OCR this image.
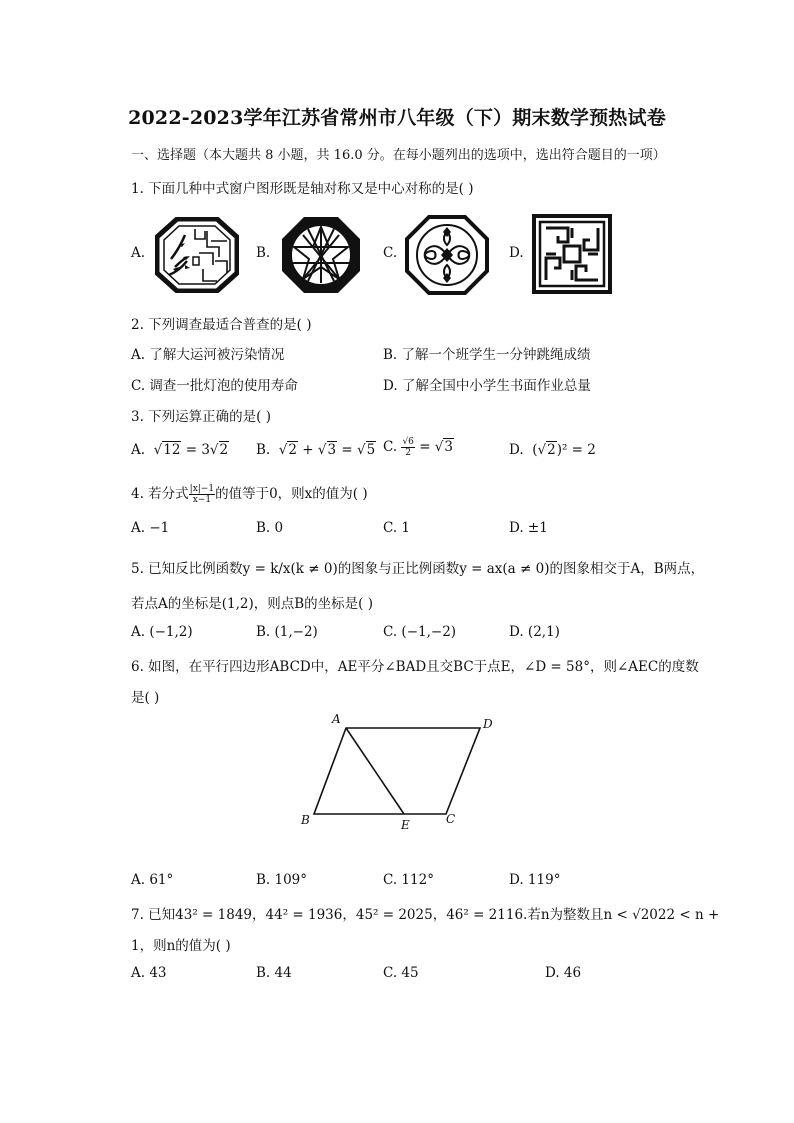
2022-2023学年江苏省常州市八年级（下）期末数学预热试卷
一、选择题（本大题共 8 小题，共 16.0 分。在每小题列出的选项中，选出符合题目的一项）
1. 下面几种中式窗户图形既是轴对称又是中心对称的是( )
A.	B.	C.	D.
2. 下列调查最适合普查的是( )
A. 了解大运河被污染情况	B. 了解一个班学生一分钟跳绳成绩
C. 调查一批灯泡的使用寿命	D. 了解全国中小学生书面作业总量
3. 下列运算正确的是( )
A.  √12 = 3√2 B.  √2 + √3 = √5 C. $\frac{√6}{2} = √3$	D.  (√2)² = 2
4. 若分式 $\frac{|x|-1}{x-1}$ 的值等于0，则x的值为( )
A. −1	B. 0	C. 1	D. ±1
5. 已知反比例函数y = k/x(k ≠ 0)的图象与正比例函数y = ax(a ≠ 0)的图象相交于A，B两点，
若点A的坐标是(1,2)，则点B的坐标是( )
A. (−1,2)	B. (1,−2)	C. (−1,−2)	D. (2,1)
6. 如图，在平行四边形ABCD中，AE平分∠BAD且交BC于点E，∠D = 58°，则∠AEC的度数
是( )
A	D
B	E	C
A. 61°	B. 109°	C. 112°	D. 119°
7. 已知43² = 1849，44² = 1936，45² = 2025，46² = 2116.若n为整数且n < √2022 < n +
1，则n的值为( )
A. 43	B. 44	C. 45	D. 46
